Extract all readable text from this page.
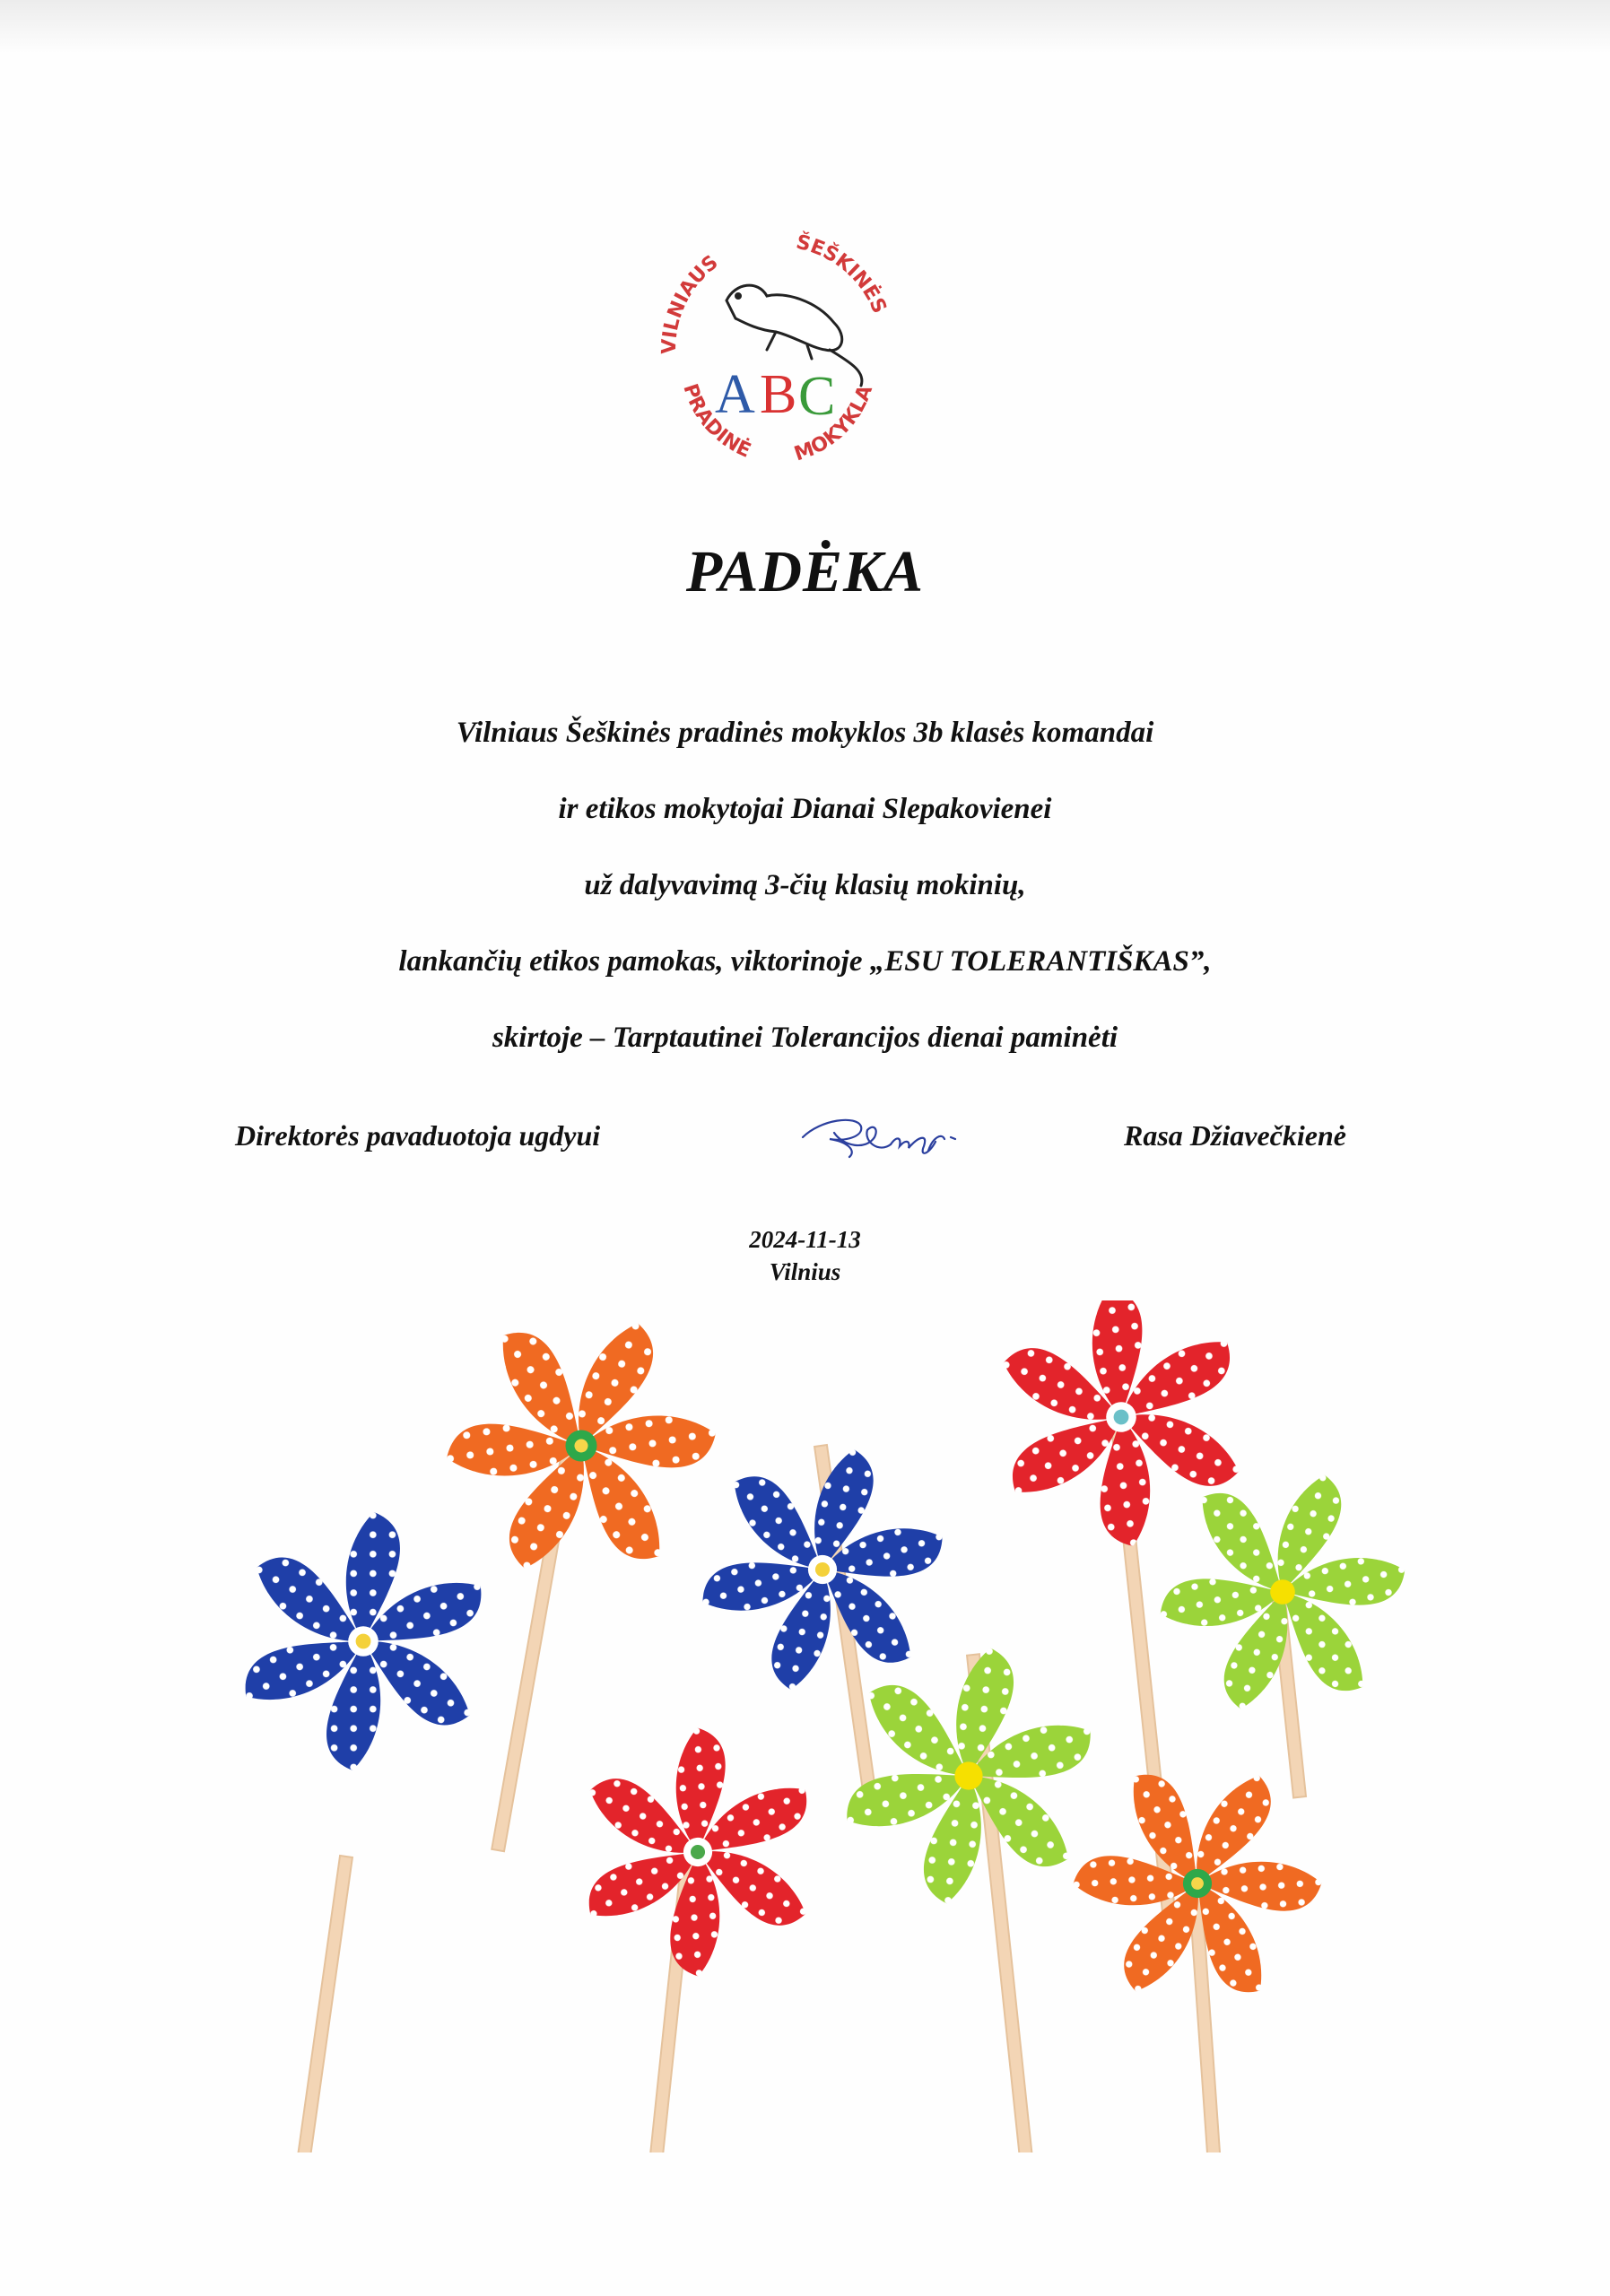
VILNIAUS
ŠEŠKINĖS
PRADINĖ MOKYKLA
A B C
PADĖKA
Vilniaus Šeškinės pradinės mokyklos 3b klasės komandai
ir etikos mokytojai Dianai Slepakovienei
už dalyvavimą 3-čių klasių mokinių,
lankančių etikos pamokas, viktorinoje „ESU TOLERANTIŠKAS”,
skirtoje – Tarptautinei Tolerancijos dienai paminėti
Direktorės pavaduotoja ugdyui	Rasa Džiavečkienė
2024-11-13
Vilnius
